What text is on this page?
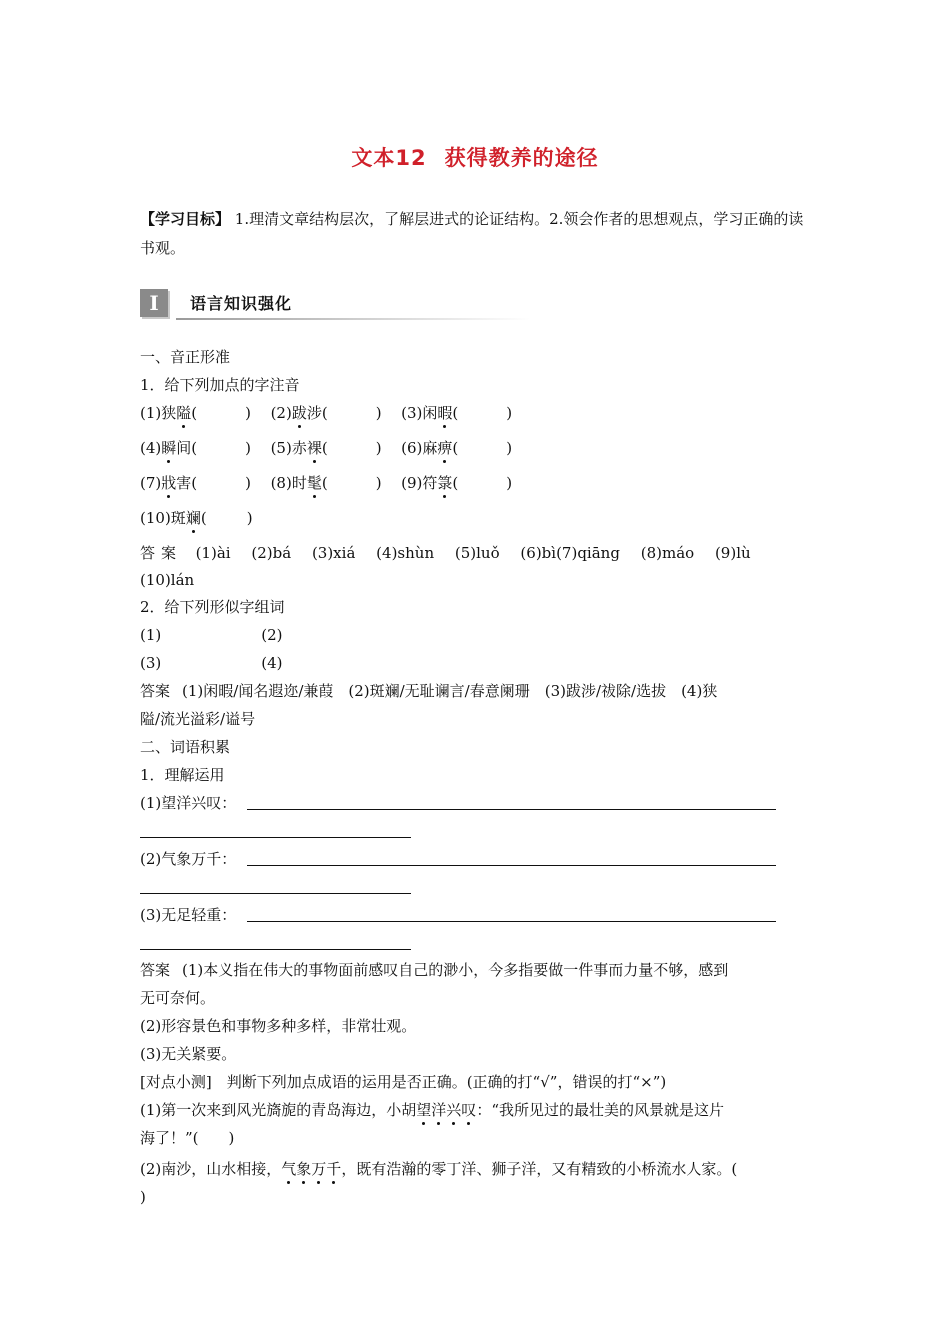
文本12 获得教养的途径
【学习目标】 1.理清文章结构层次，了解层进式的论证结构。2.领会作者的思想观点，学习正确的读书观。
I	语言知识强化
一、音正形准
1．给下列加点的字注音
(1)狭隘(	) (2)跋涉(	) (3)闲暇(	)
(4)瞬间(	) (5)赤裸(	) (6)麻痹(	)
(7)戕害(	) (8)时髦(	) (9)符箓(	)
(10)斑斓(	)
答案 (1)ài (2)bá (3)xiá (4)shùn (5)luǒ (6)bì(7)qiāng (8)máo (9)lù
(10)lán
2．给下列形似字组词
(1)	(2)
(3)	(4)
答案 (1)闲暇/闻名遐迩/兼葭　(2)斑斓/无耻谰言/春意阑珊　(3)跋涉/祓除/选拔　(4)狭
隘/流光溢彩/谥号
二、词语积累
1．理解运用
(1)望洋兴叹：
(2)气象万千：
(3)无足轻重：
答案 (1)本义指在伟大的事物面前感叹自己的渺小，今多指要做一件事而力量不够，感到
无可奈何。
(2)形容景色和事物多种多样，非常壮观。
(3)无关紧要。
[对点小测]　判断下列加点成语的运用是否正确。(正确的打“√”，错误的打“×”)
(1)第一次来到风光旖旎的青岛海边，小胡望洋兴叹：“我所见过的最壮美的风景就是这片
海了！”(　　)
(2)南沙，山水相接，气象万千，既有浩瀚的零丁洋、狮子洋，又有精致的小桥流水人家。(
)
